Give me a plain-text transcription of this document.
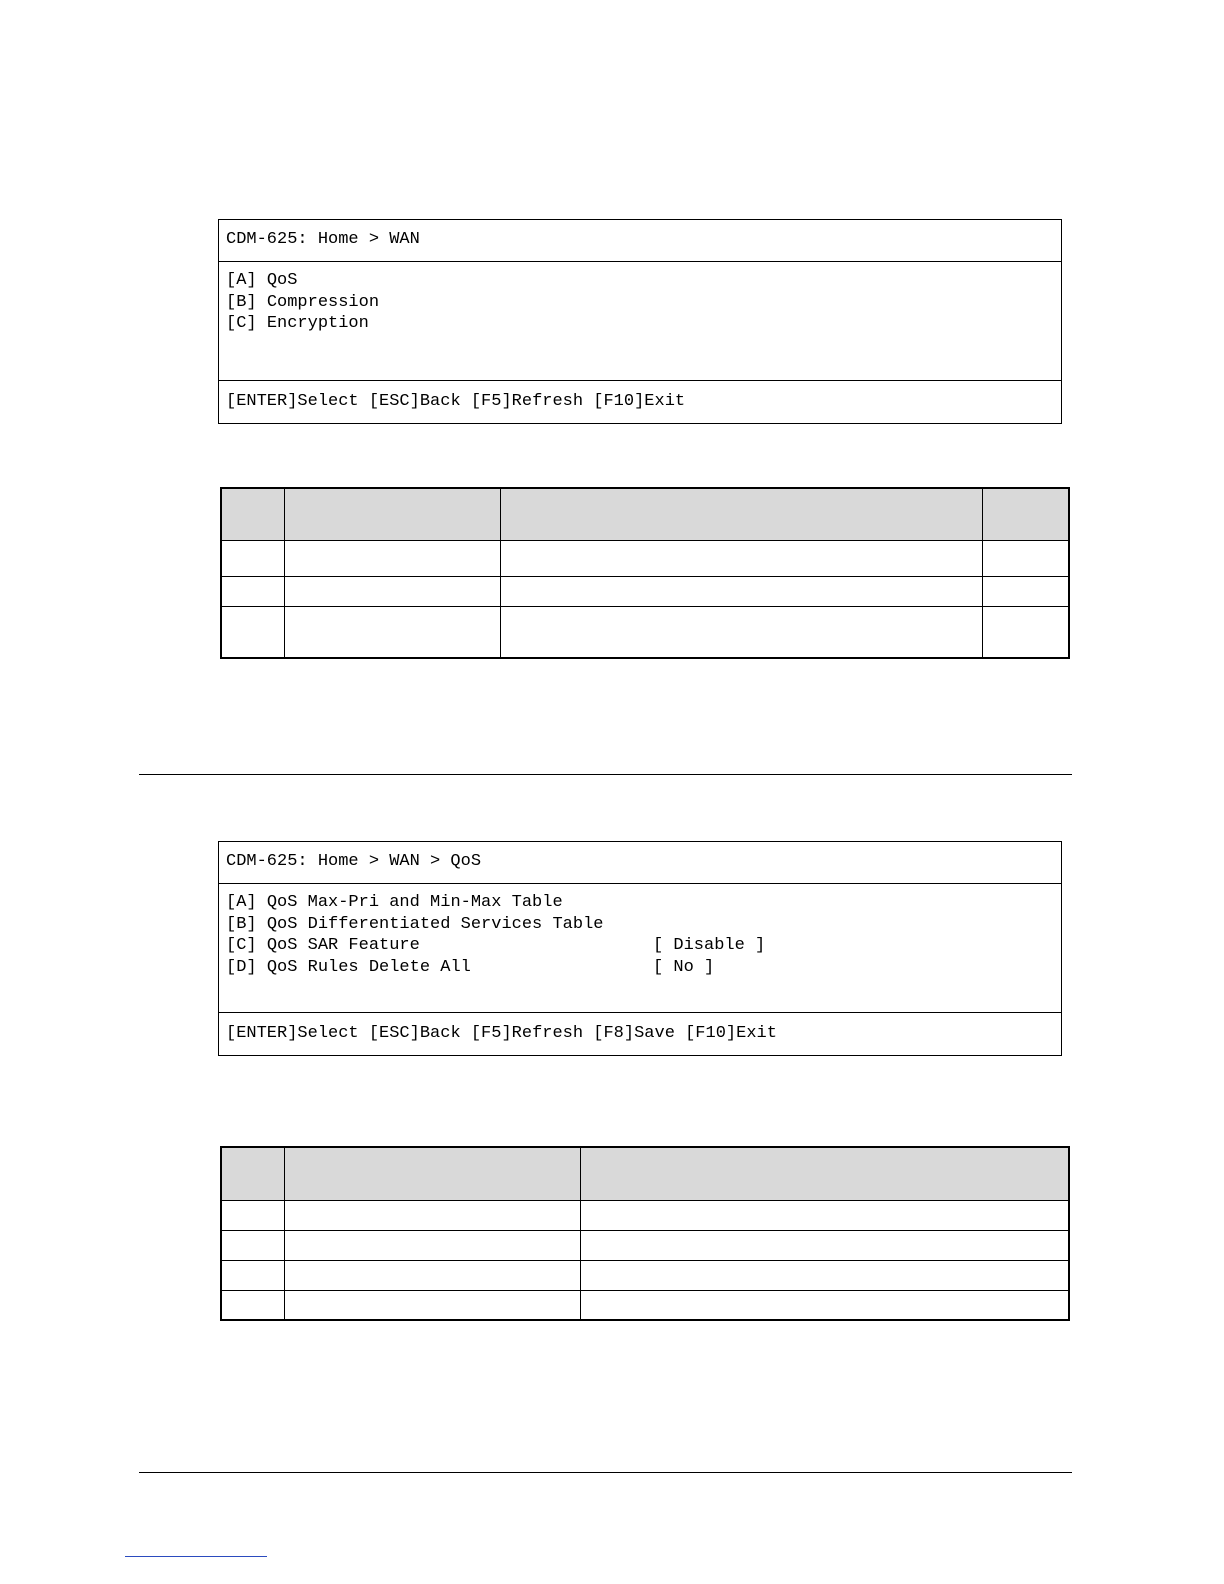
CDM-625: Home > WAN
[A] QoS
[B] Compression
[C] Encryption
[ENTER]Select [ESC]Back [F5]Refresh [F10]Exit

CDM-625: Home > WAN > QoS
[A] QoS Max-Pri and Min-Max Table
[B] QoS Differentiated Services Table
[C] QoS SAR Feature	[ Disable ]
[D] QoS Rules Delete All	[ No ]
[ENTER]Select [ESC]Back [F5]Refresh [F8]Save [F10]Exit
